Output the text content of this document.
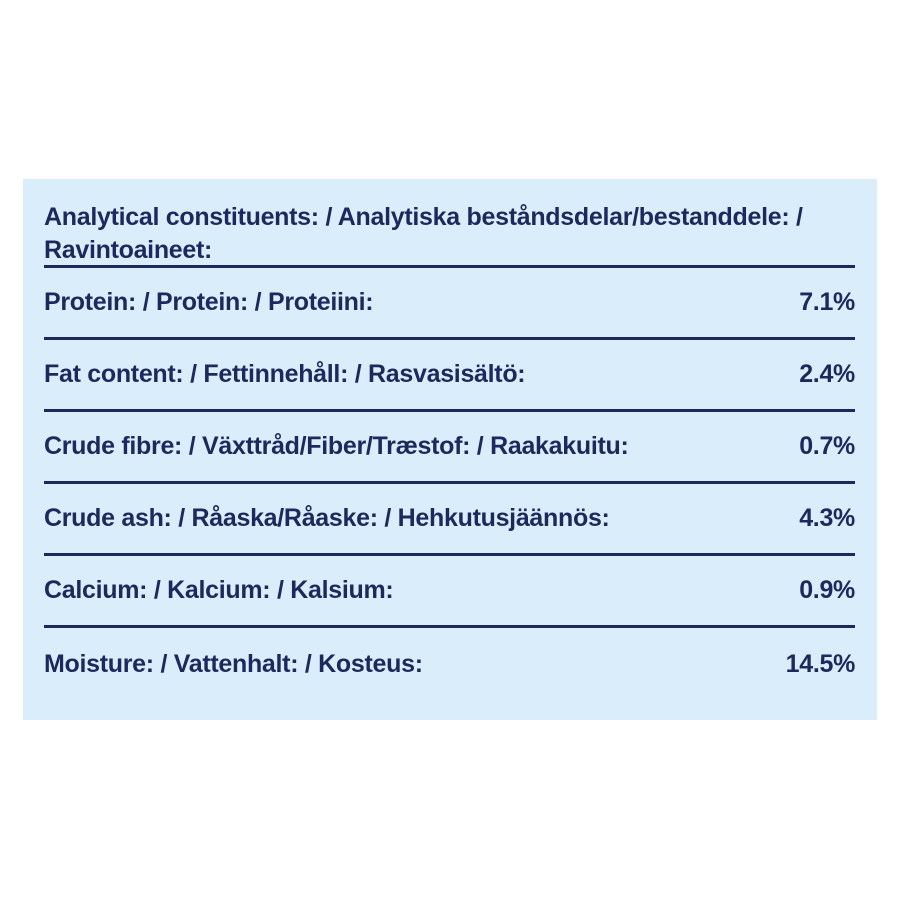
Analytical constituents: / Analytiska beståndsdelar/bestanddele: /
Ravintoaineet:
Protein: / Protein: / Proteiini:	7.1%
Fat content: / Fettinnehåll: / Rasvasisältö:	2.4%
Crude fibre: / Växttråd/Fiber/Træstof: / Raakakuitu:	0.7%
Crude ash: / Råaska/Råaske: / Hehkutusjäännös:	4.3%
Calcium: / Kalcium: / Kalsium:	0.9%
Moisture: / Vattenhalt: / Kosteus:	14.5%
